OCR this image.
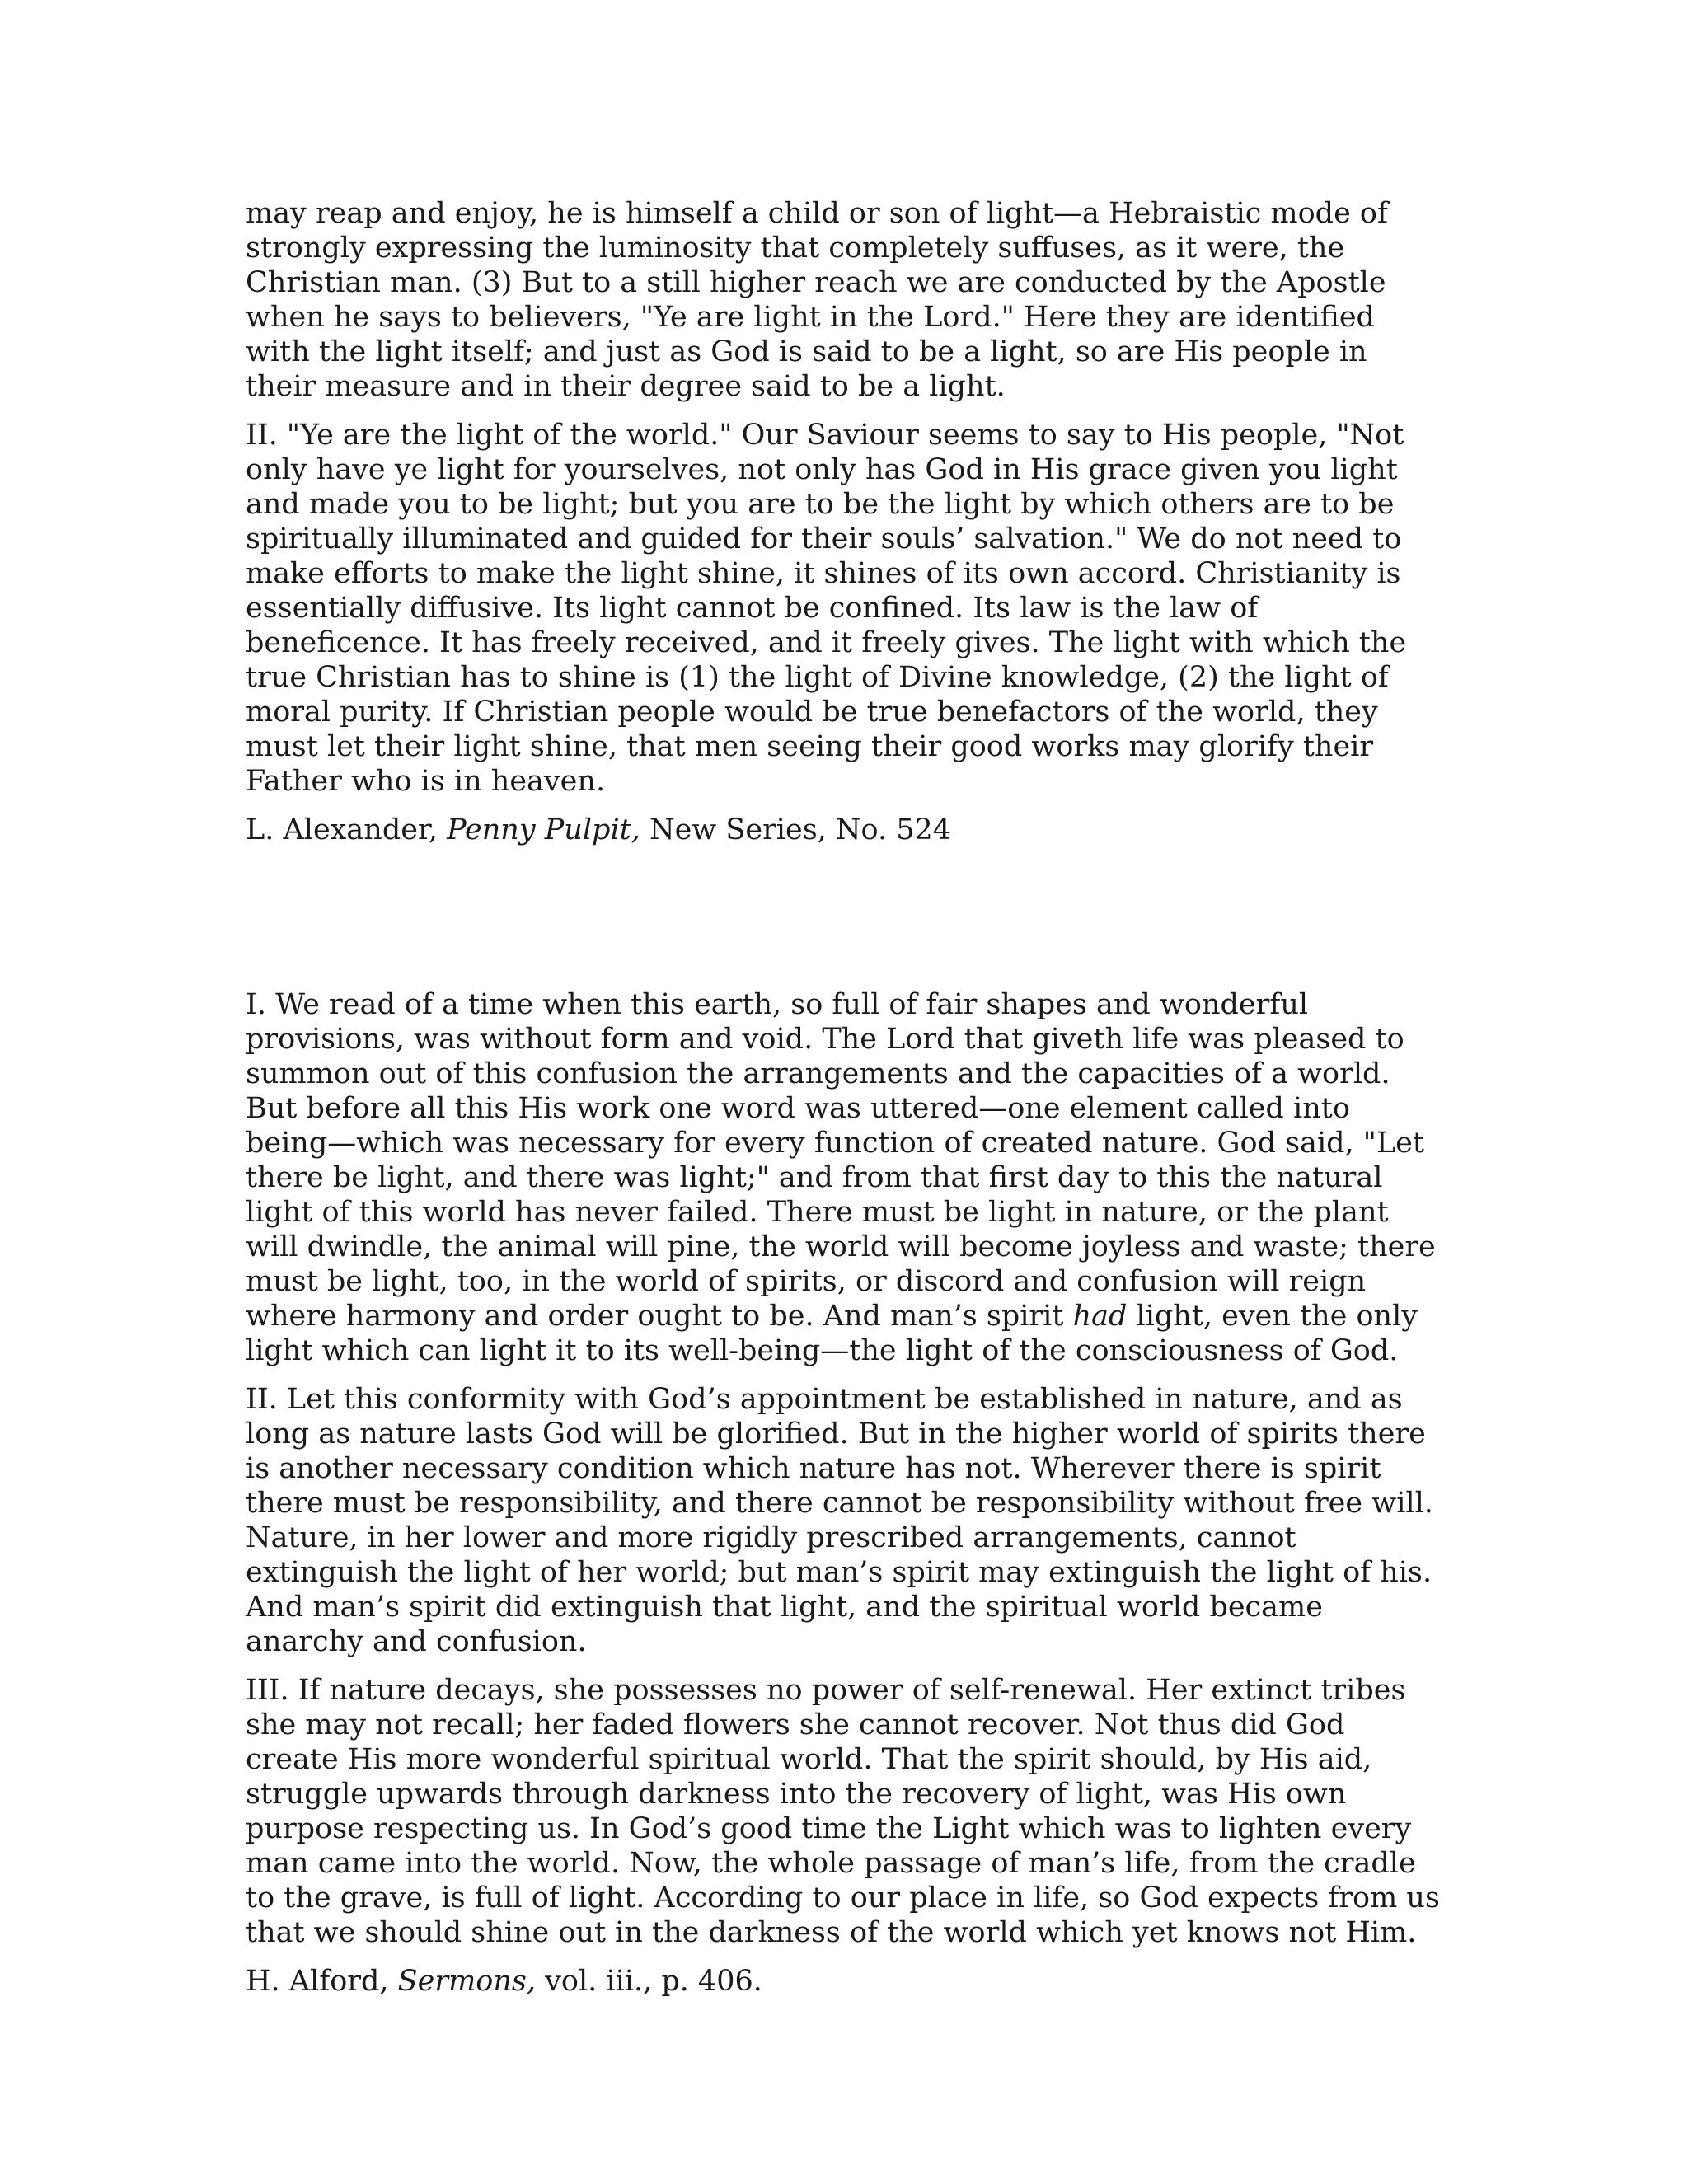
may reap and enjoy, he is himself a child or son of light—a Hebraistic mode of strongly expressing the luminosity that completely suffuses, as it were, the Christian man. (3) But to a still higher reach we are conducted by the Apostle when he says to believers, "Ye are light in the Lord." Here they are identified with the light itself; and just as God is said to be a light, so are His people in their measure and in their degree said to be a light.

II. "Ye are the light of the world." Our Saviour seems to say to His people, "Not only have ye light for yourselves, not only has God in His grace given you light and made you to be light; but you are to be the light by which others are to be spiritually illuminated and guided for their souls’ salvation." We do not need to make efforts to make the light shine, it shines of its own accord. Christianity is essentially diffusive. Its light cannot be confined. Its law is the law of beneficence. It has freely received, and it freely gives. The light with which the true Christian has to shine is (1) the light of Divine knowledge, (2) the light of moral purity. If Christian people would be true benefactors of the world, they must let their light shine, that men seeing their good works may glorify their Father who is in heaven.

L. Alexander, Penny Pulpit, New Series, No. 524

I. We read of a time when this earth, so full of fair shapes and wonderful provisions, was without form and void. The Lord that giveth life was pleased to summon out of this confusion the arrangements and the capacities of a world. But before all this His work one word was uttered—one element called into being—which was necessary for every function of created nature. God said, "Let there be light, and there was light;" and from that first day to this the natural light of this world has never failed. There must be light in nature, or the plant will dwindle, the animal will pine, the world will become joyless and waste; there must be light, too, in the world of spirits, or discord and confusion will reign where harmony and order ought to be. And man’s spirit had light, even the only light which can light it to its well-being—the light of the consciousness of God.

II. Let this conformity with God’s appointment be established in nature, and as long as nature lasts God will be glorified. But in the higher world of spirits there is another necessary condition which nature has not. Wherever there is spirit there must be responsibility, and there cannot be responsibility without free will. Nature, in her lower and more rigidly prescribed arrangements, cannot extinguish the light of her world; but man’s spirit may extinguish the light of his. And man’s spirit did extinguish that light, and the spiritual world became anarchy and confusion.

III. If nature decays, she possesses no power of self-renewal. Her extinct tribes she may not recall; her faded flowers she cannot recover. Not thus did God create His more wonderful spiritual world. That the spirit should, by His aid, struggle upwards through darkness into the recovery of light, was His own purpose respecting us. In God’s good time the Light which was to lighten every man came into the world. Now, the whole passage of man’s life, from the cradle to the grave, is full of light. According to our place in life, so God expects from us that we should shine out in the darkness of the world which yet knows not Him.

H. Alford, Sermons, vol. iii., p. 406.
